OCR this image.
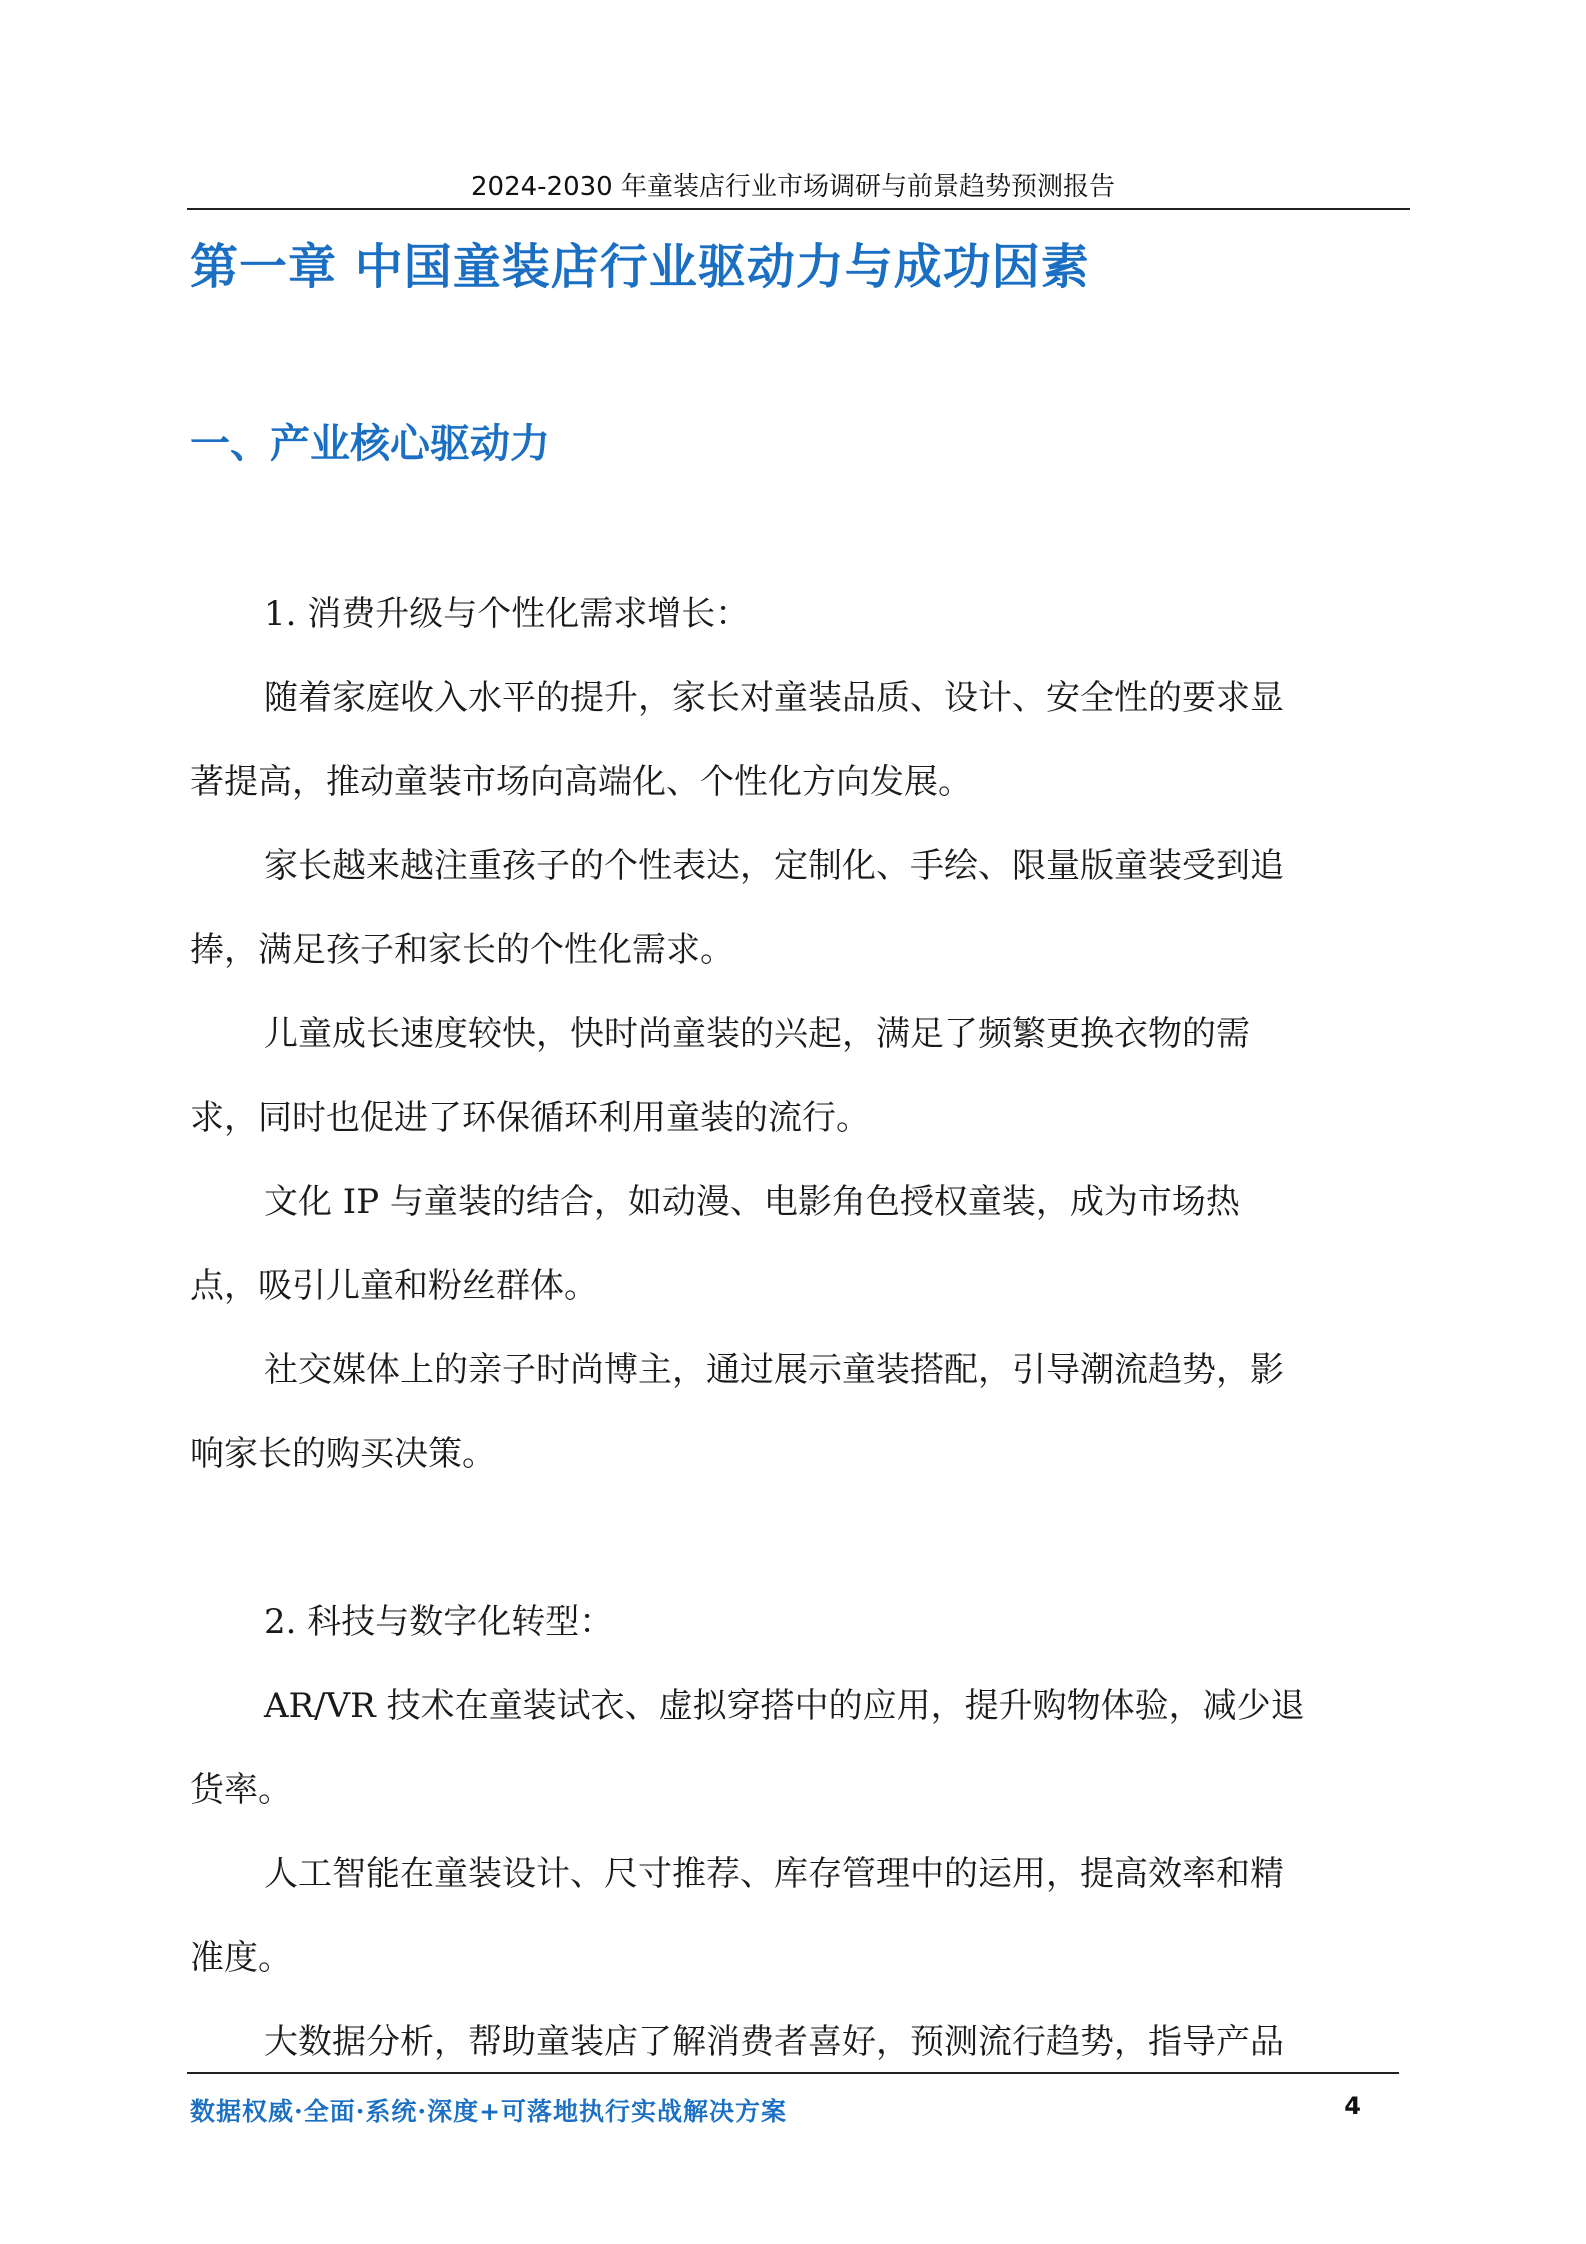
2024-2030 年童装店行业市场调研与前景趋势预测报告
第一章 中国童装店行业驱动力与成功因素
一、产业核心驱动力
1. 消费升级与个性化需求增长：
随着家庭收入水平的提升，家长对童装品质、设计、安全性的要求显
著提高，推动童装市场向高端化、个性化方向发展。
家长越来越注重孩子的个性表达，定制化、手绘、限量版童装受到追
捧，满足孩子和家长的个性化需求。
儿童成长速度较快，快时尚童装的兴起，满足了频繁更换衣物的需
求，同时也促进了环保循环利用童装的流行。
文化 IP 与童装的结合，如动漫、电影角色授权童装，成为市场热
点，吸引儿童和粉丝群体。
社交媒体上的亲子时尚博主，通过展示童装搭配，引导潮流趋势，影
响家长的购买决策。
2. 科技与数字化转型：
AR/VR 技术在童装试衣、虚拟穿搭中的应用，提升购物体验，减少退
货率。
人工智能在童装设计、尺寸推荐、库存管理中的运用，提高效率和精
准度。
大数据分析，帮助童装店了解消费者喜好，预测流行趋势，指导产品
数据权威·全面·系统·深度+可落地执行实战解决方案	4
